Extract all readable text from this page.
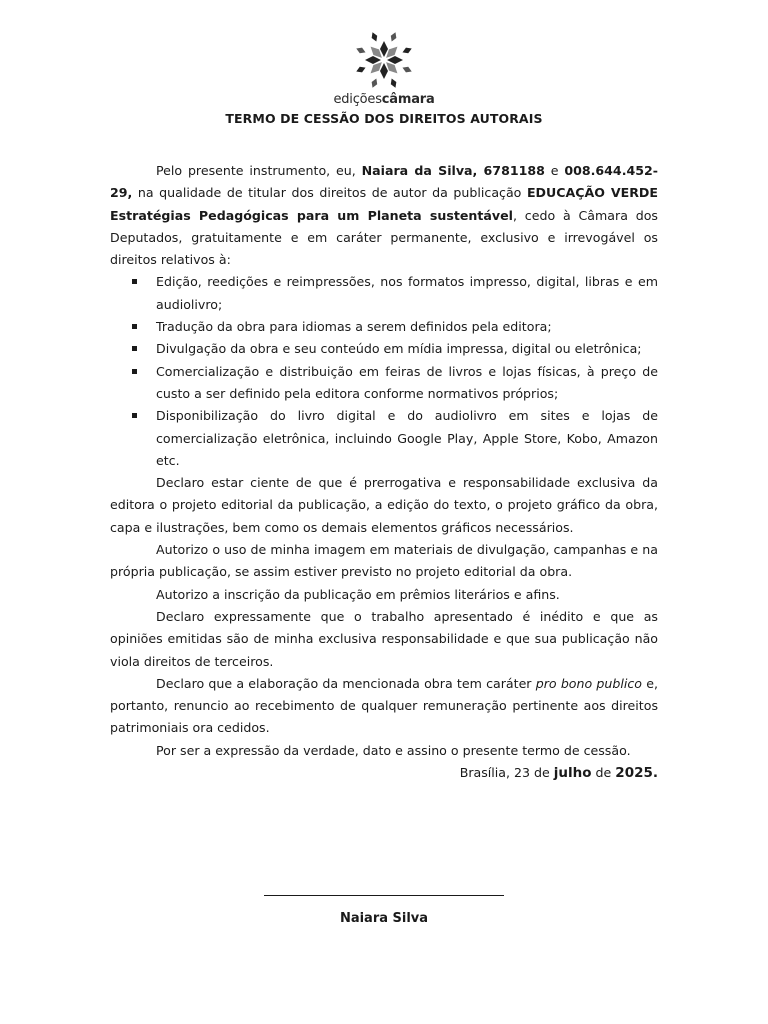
ediçõescâmara
TERMO DE CESSÃO DOS DIREITOS AUTORAIS

Pelo presente instrumento, eu, Naiara da Silva, 6781188 e 008.644.452-29, na qualidade de titular dos direitos de autor da publicação EDUCAÇÃO VERDE Estratégias Pedagógicas para um Planeta sustentável, cedo à Câmara dos Deputados, gratuitamente e em caráter permanente, exclusivo e irrevogável os direitos relativos à:

Edição, reedições e reimpressões, nos formatos impresso, digital, libras e em audiolivro;
Tradução da obra para idiomas a serem definidos pela editora;
Divulgação da obra e seu conteúdo em mídia impressa, digital ou eletrônica;
Comercialização e distribuição em feiras de livros e lojas físicas, à preço de custo a ser definido pela editora conforme normativos próprios;
Disponibilização do livro digital e do audiolivro em sites e lojas de comercialização eletrônica, incluindo Google Play, Apple Store, Kobo, Amazon etc.

Declaro estar ciente de que é prerrogativa e responsabilidade exclusiva da editora o projeto editorial da publicação, a edição do texto, o projeto gráfico da obra, capa e ilustrações, bem como os demais elementos gráficos necessários.

Autorizo o uso de minha imagem em materiais de divulgação, campanhas e na própria publicação, se assim estiver previsto no projeto editorial da obra.

Autorizo a inscrição da publicação em prêmios literários e afins.

Declaro expressamente que o trabalho apresentado é inédito e que as opiniões emitidas são de minha exclusiva responsabilidade e que sua publicação não viola direitos de terceiros.

Declaro que a elaboração da mencionada obra tem caráter pro bono publico e, portanto, renuncio ao recebimento de qualquer remuneração pertinente aos direitos patrimoniais ora cedidos.

Por ser a expressão da verdade, dato e assino o presente termo de cessão.

Brasília, 23 de julho de 2025.

Naiara Silva
